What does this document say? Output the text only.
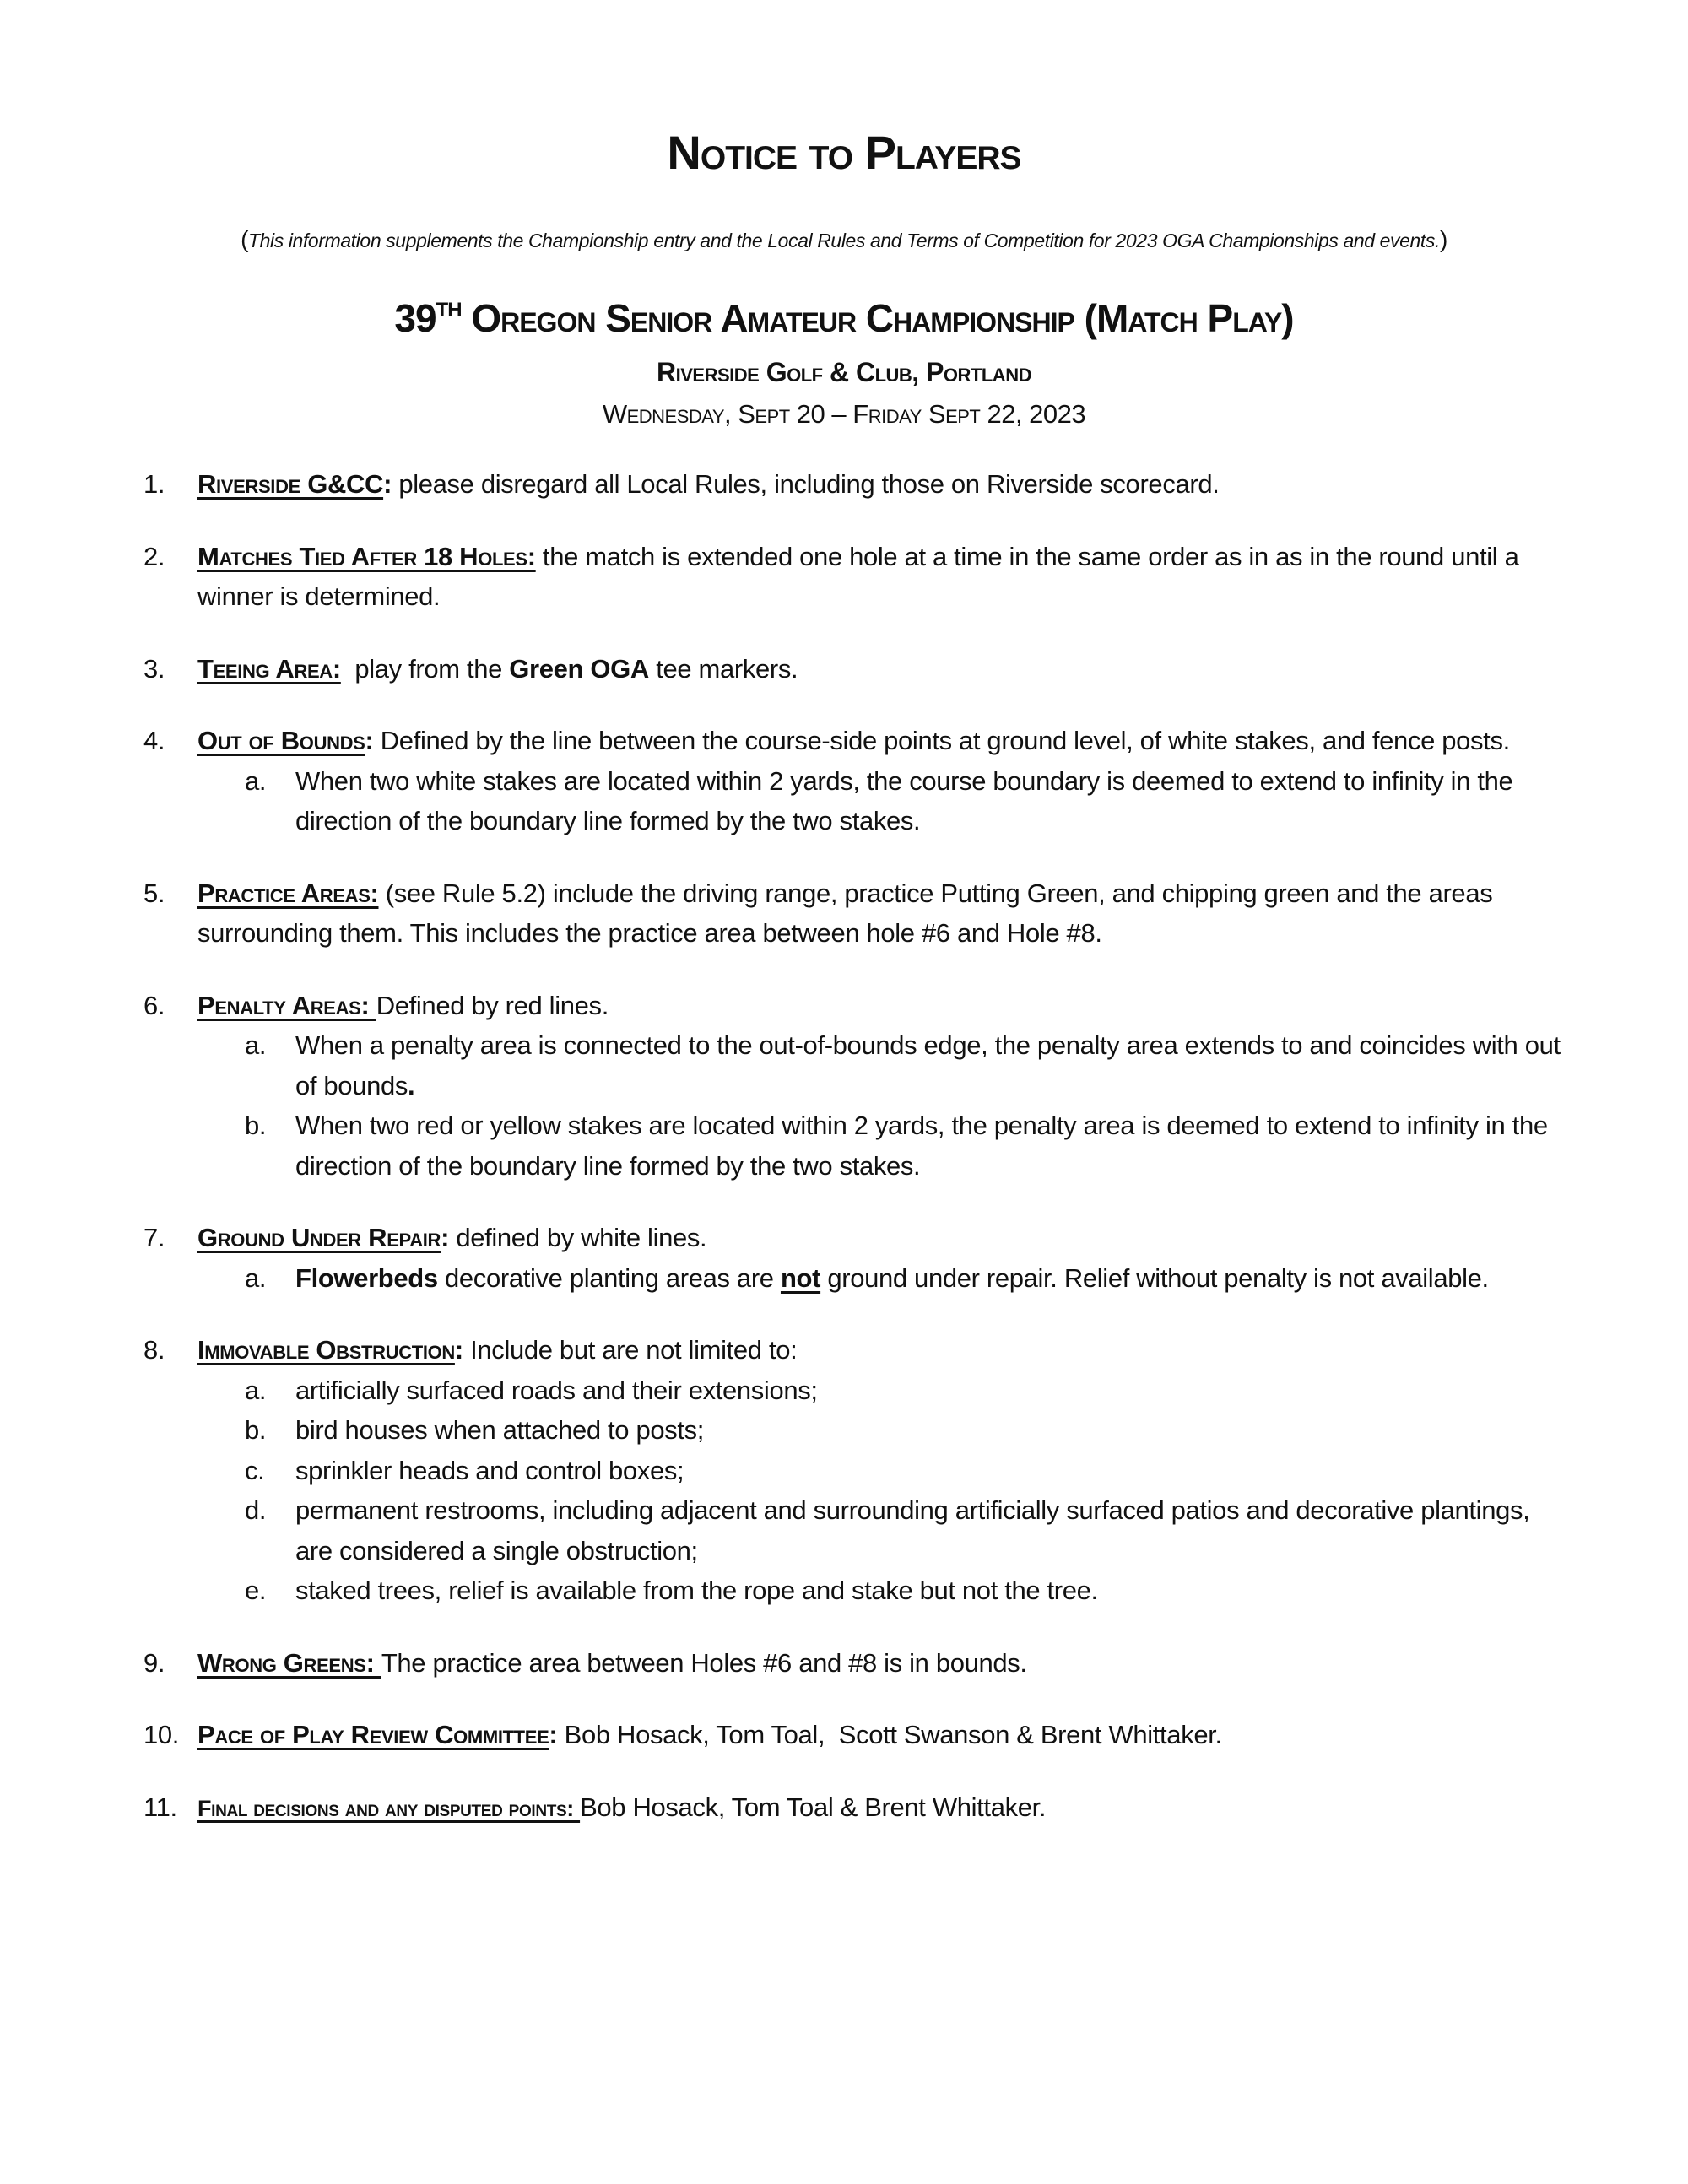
Notice to Players
(This information supplements the Championship entry and the Local Rules and Terms of Competition for 2023 OGA Championships and events.)
39TH Oregon Senior Amateur Championship (Match Play)
Riverside Golf & Club, Portland
Wednesday, Sept 20 – Friday Sept 22, 2023
1.	Riverside G&CC: please disregard all Local Rules, including those on Riverside scorecard.
2.	Matches Tied After 18 Holes: the match is extended one hole at a time in the same order as in as in the round until a winner is determined.
3.	Teeing Area:  play from the Green OGA tee markers.
4.	Out of Bounds: Defined by the line between the course-side points at ground level, of white stakes, and fence posts.
a.	When two white stakes are located within 2 yards, the course boundary is deemed to extend to infinity in the direction of the boundary line formed by the two stakes.
5.	Practice Areas: (see Rule 5.2) include the driving range, practice Putting Green, and chipping green and the areas surrounding them. This includes the practice area between hole #6 and Hole #8.
6.	Penalty Areas: Defined by red lines.
a.	When a penalty area is connected to the out-of-bounds edge, the penalty area extends to and coincides with out of bounds.
b.	When two red or yellow stakes are located within 2 yards, the penalty area is deemed to extend to infinity in the direction of the boundary line formed by the two stakes.
7.	Ground Under Repair: defined by white lines.
a.	Flowerbeds decorative planting areas are not ground under repair. Relief without penalty is not available.
8.	Immovable Obstruction: Include but are not limited to:
a.	artificially surfaced roads and their extensions;
b.	bird houses when attached to posts;
c.	sprinkler heads and control boxes;
d.	permanent restrooms, including adjacent and surrounding artificially surfaced patios and decorative plantings, are considered a single obstruction;
e.	staked trees, relief is available from the rope and stake but not the tree.
9.	Wrong Greens: The practice area between Holes #6 and #8 is in bounds.
10. Pace of Play Review Committee: Bob Hosack, Tom Toal,  Scott Swanson & Brent Whittaker.
11. Final decisions and any disputed points: Bob Hosack, Tom Toal & Brent Whittaker.
